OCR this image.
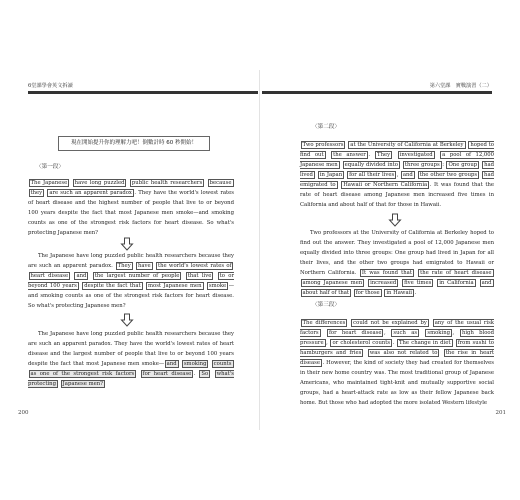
6堂課學會英文拆讀
現在開始提升你的理解力吧！倒數計時 60 秒開始！
〈第一段〉
The Japanese have long puzzled public health researchers because they are such an apparent paradox . They have the world's lowest rates of heart disease and the highest number of people that live to or beyond 100 years despite the fact that most Japanese men smoke—and smoking counts as one of the strongest risk factors for heart disease. So what's protecting Japanese men?
The Japanese have long puzzled public health researchers because they are such an apparent paradox. They have the world's lowest rates of heart disease and the largest number of people that live to or beyond 100 years despite the fact that most Japanese men smoke —and smoking counts as one of the strongest risk factors for heart disease. So what's protecting Japanese men?
The Japanese have long puzzled public health researchers because they are such an apparent paradox. They have the world's lowest rates of heart disease and the largest number of people that live to or beyond 100 years despite the fact that most Japanese men smoke— and smoking counts as one of the strongest risk factors for heart disease . So what's protecting Japanese men?
200
第六堂課　實戰演習（二）
〈第二段〉
Two professors at the University of California at Berkeley hoped to find out the answer . They investigated a pool of 12,000 Japanese men equally divided into three groups : One group had lived in Japan for all their lives , and the other two groups had emigrated to Hawaii or Northern California . It was found that the rate of heart disease among Japanese men increased five times in California and about half of that for those in Hawaii.
Two professors at the University of California at Berkeley hoped to find out the answer. They investigated a pool of 12,000 Japanese men equally divided into three groups: One group had lived in Japan for all their lives, and the other two groups had emigrated to Hawaii or Northern California. It was found that the rate of heart disease among Japanese men increased five times in California and about half of that for those in Hawaii .
〈第三段〉
The differences could not be explained by any of the usual risk factors for heart disease , such as smoking , high blood pressure , or cholesterol counts . The change in diet from sushi to hamburgers and fries was also not related to the rise in heart disease . However, the kind of society they had created for themselves in their new home country was. The most traditional group of Japanese Americans, who maintained tight-knit and mutually supportive social groups, had a heart-attack rate as low as their fellow Japanese back home. But those who had adopted the more isolated Western lifestyle
201
